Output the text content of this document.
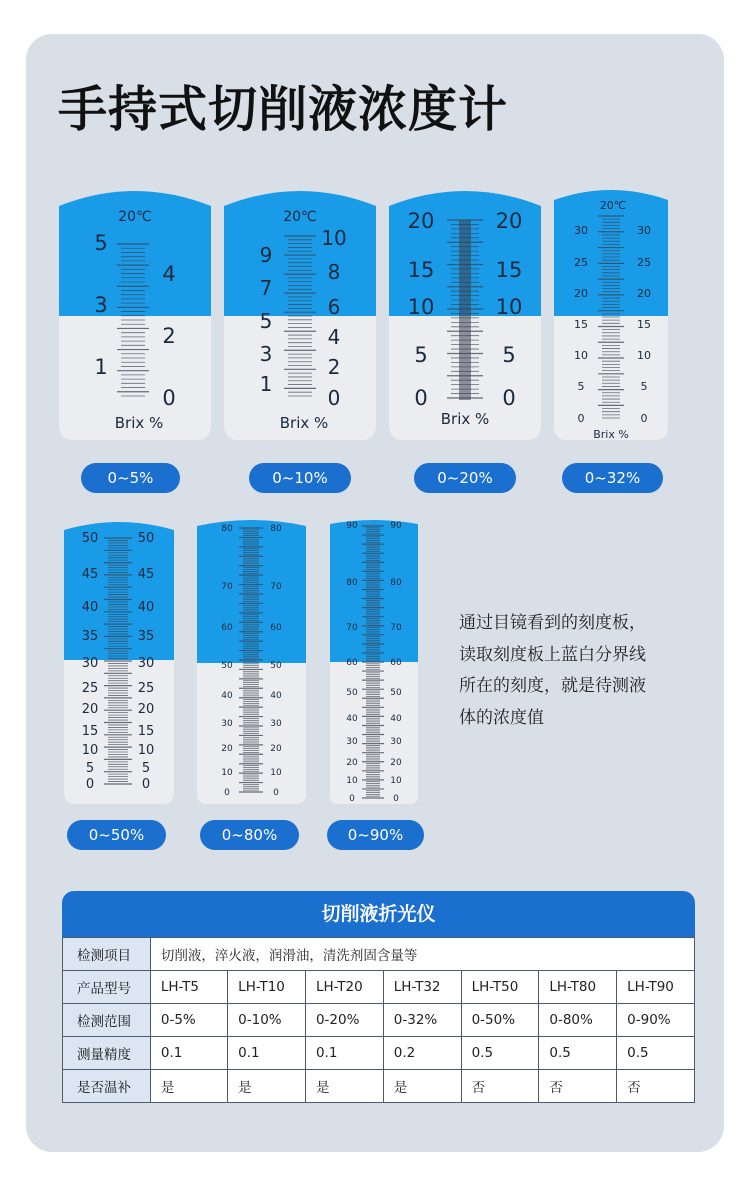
手持式切削液浓度计
20℃
5
3
1
4
2
0
Brix %
20℃
9
7
5
3
1
10
8
6
4
2
0
Brix %
20
15
10
5
0
20
15
10
5
0
Brix %
20℃
30
25
20
15
10
5
0
30
25
20
15
10
5
0
Brix %
0~5%	0~10%	0~20%	0~32%
50
45
40
35
30
25
20
15
10
5
0
50
45
40
35
30
25
20
15
10
5
0
80
70
60
50
40
30
20
10
0
80
70
60
50
40
30
20
10
0
90
80
70
60
50
40
30
20
10
0
90
80
70
60
50
40
30
20
10
0
0~50%	0~80%	0~90%
通过目镜看到的刻度板，
读取刻度板上蓝白分界线
所在的刻度，就是待测液
体的浓度值
切削液折光仪
检测项目	切削液，淬火液，润滑油，清洗剂固含量等						
产品型号	LH-T5	LH-T10	LH-T20	LH-T32	LH-T50	LH-T80	LH-T90
检测范围	0-5%	0-10%	0-20%	0-32%	0-50%	0-80%	0-90%
测量精度	0.1	0.1	0.1	0.2	0.5	0.5	0.5
是否温补	是	是	是	是	否	否	否
